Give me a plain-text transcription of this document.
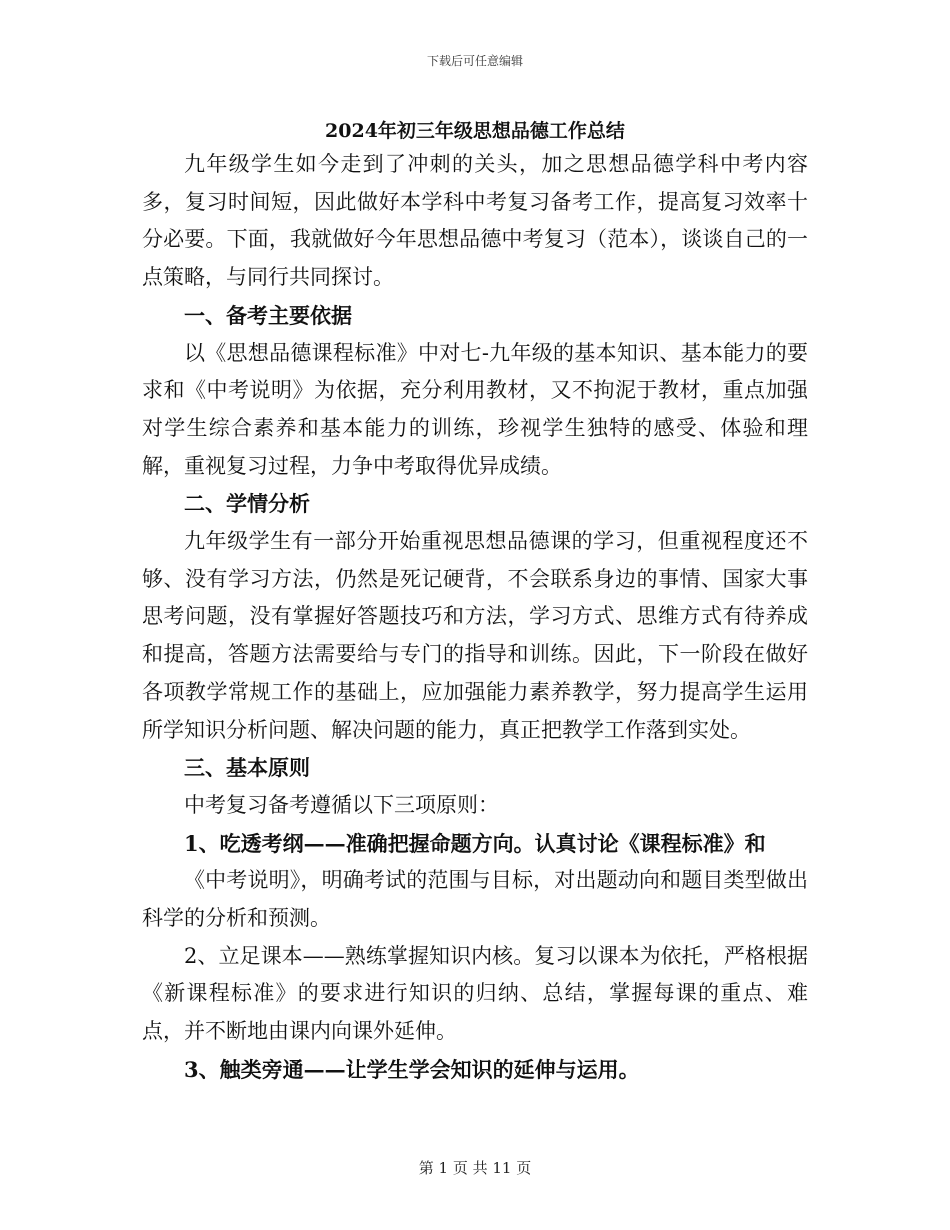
下载后可任意编辑
2024年初三年级思想品德工作总结

九年级学生如今走到了冲刺的关头，加之思想品德学科中考内容多，复习时间短，因此做好本学科中考复习备考工作，提高复习效率十分必要。下面，我就做好今年思想品德中考复习（范本），谈谈自己的一点策略，与同行共同探讨。

一、备考主要依据

以《思想品德课程标准》中对七-九年级的基本知识、基本能力的要求和《中考说明》为依据，充分利用教材，又不拘泥于教材，重点加强对学生综合素养和基本能力的训练，珍视学生独特的感受、体验和理解，重视复习过程，力争中考取得优异成绩。

二、学情分析

九年级学生有一部分开始重视思想品德课的学习，但重视程度还不够、没有学习方法，仍然是死记硬背，不会联系身边的事情、国家大事思考问题，没有掌握好答题技巧和方法，学习方式、思维方式有待养成和提高，答题方法需要给与专门的指导和训练。因此，下一阶段在做好各项教学常规工作的基础上，应加强能力素养教学，努力提高学生运用所学知识分析问题、解决问题的能力，真正把教学工作落到实处。

三、基本原则

中考复习备考遵循以下三项原则：

1、吃透考纲——准确把握命题方向。认真讨论《课程标准》和

《中考说明》，明确考试的范围与目标，对出题动向和题目类型做出科学的分析和预测。

2、立足课本——熟练掌握知识内核。复习以课本为依托，严格根据《新课程标准》的要求进行知识的归纳、总结，掌握每课的重点、难点，并不断地由课内向课外延伸。

3、触类旁通——让学生学会知识的延伸与运用。

第 1 页 共 11 页
